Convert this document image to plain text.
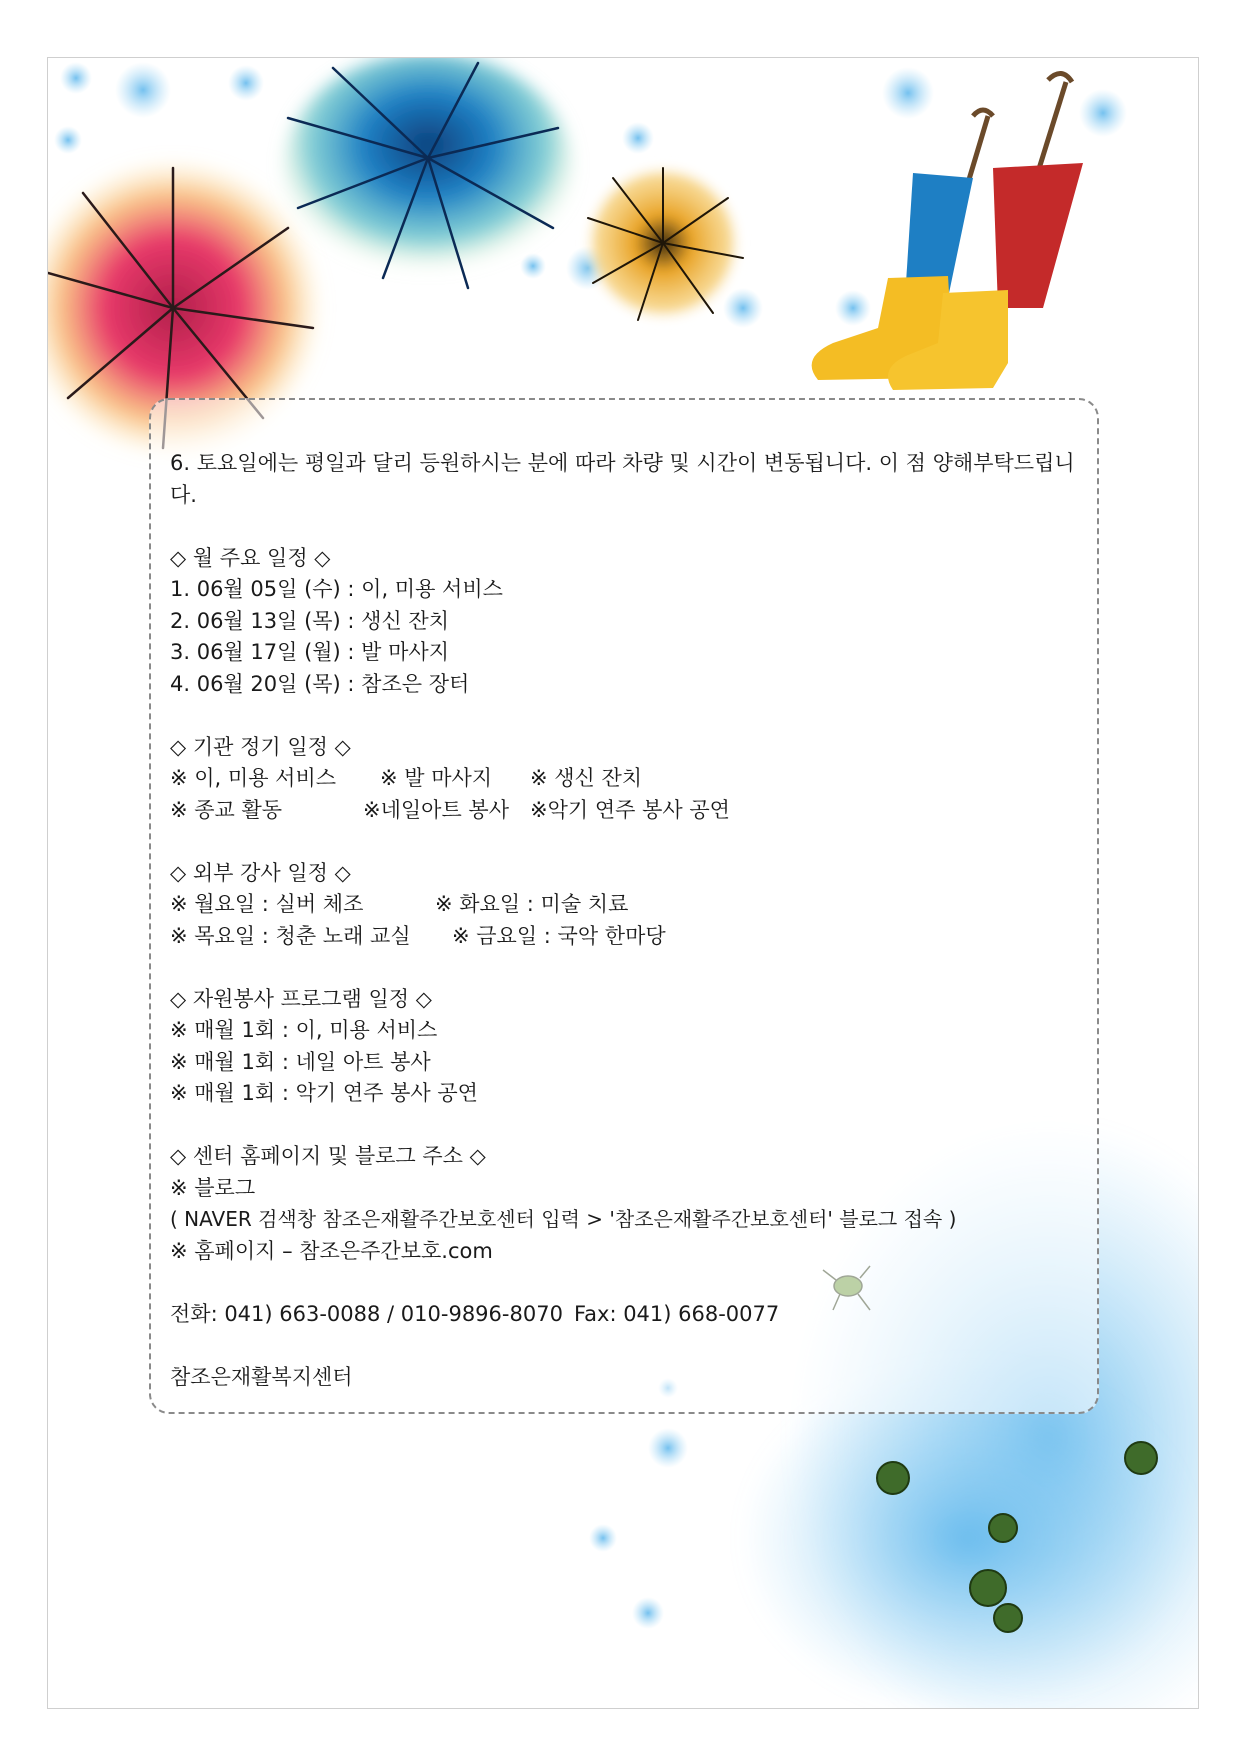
6. 토요일에는 평일과 달리 등원하시는 분에 따라 차량 및 시간이 변동됩니다. 이 점 양해부탁드립니다.

◇ 월 주요 일정 ◇

1. 06월 05일 (수) : 이, 미용 서비스

2. 06월 13일 (목) : 생신 잔치

3. 06월 17일 (월) : 발 마사지

4. 06월 20일 (목) : 참조은 장터

◇ 기관 정기 일정 ◇

※ 이, 미용 서비스

※ 발 마사지

※ 생신 잔치

※ 종교 활동

	※네일아트 봉사

※악기 연주 봉사 공연

◇ 외부 강사 일정 ◇

※ 월요일 : 실버 체조

	※ 화요일 : 미술 치료

※ 목요일 : 청춘 노래 교실

※ 금요일 : 국악 한마당

◇ 자원봉사 프로그램 일정 ◇

※ 매월 1회 : 이, 미용 서비스

※ 매월 1회 : 네일 아트 봉사

※ 매월 1회 : 악기 연주 봉사 공연

◇ 센터 홈페이지 및 블로그 주소 ◇

※ 블로그

( NAVER 검색창 참조은재활주간보호센터 입력 > '참조은재활주간보호센터' 블로그 접속 )

※ 홈페이지 – 참조은주간보호.com

전화: 041) 663-0088 / 010-9896-8070

Fax: 041) 668-0077

참조은재활복지센터
